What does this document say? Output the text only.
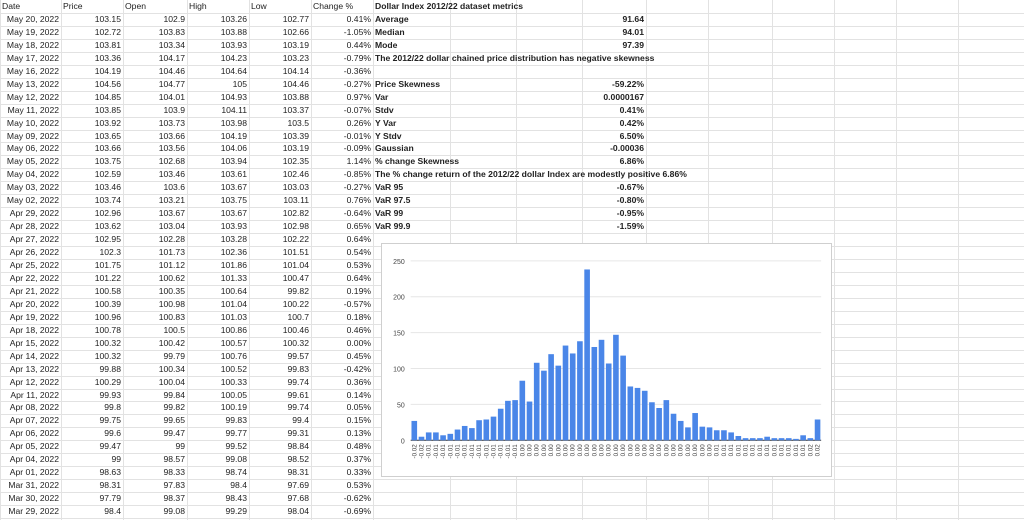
Date	Price	Open	High	Low	Change %
May 20, 2022	103.15	102.9	103.26	102.77	0.41%
May 19, 2022	102.72	103.83	103.88	102.66	-1.05%
May 18, 2022	103.81	103.34	103.93	103.19	0.44%
May 17, 2022	103.36	104.17	104.23	103.23	-0.79%
May 16, 2022	104.19	104.46	104.64	104.14	-0.36%
May 13, 2022	104.56	104.77	105	104.46	-0.27%
May 12, 2022	104.85	104.01	104.93	103.88	0.97%
May 11, 2022	103.85	103.9	104.11	103.37	-0.07%
May 10, 2022	103.92	103.73	103.98	103.5	0.26%
May 09, 2022	103.65	103.66	104.19	103.39	-0.01%
May 06, 2022	103.66	103.56	104.06	103.19	-0.09%
May 05, 2022	103.75	102.68	103.94	102.35	1.14%
May 04, 2022	102.59	103.46	103.61	102.46	-0.85%
May 03, 2022	103.46	103.6	103.67	103.03	-0.27%
May 02, 2022	103.74	103.21	103.75	103.11	0.76%
Apr 29, 2022	102.96	103.67	103.67	102.82	-0.64%
Apr 28, 2022	103.62	103.04	103.93	102.98	0.65%
Apr 27, 2022	102.95	102.28	103.28	102.22	0.64%
Apr 26, 2022	102.3	101.73	102.36	101.51	0.54%
Apr 25, 2022	101.75	101.12	101.86	101.04	0.53%
Apr 22, 2022	101.22	100.62	101.33	100.47	0.64%
Apr 21, 2022	100.58	100.35	100.64	99.82	0.19%
Apr 20, 2022	100.39	100.98	101.04	100.22	-0.57%
Apr 19, 2022	100.96	100.83	101.03	100.7	0.18%
Apr 18, 2022	100.78	100.5	100.86	100.46	0.46%
Apr 15, 2022	100.32	100.42	100.57	100.32	0.00%
Apr 14, 2022	100.32	99.79	100.76	99.57	0.45%
Apr 13, 2022	99.88	100.34	100.52	99.83	-0.42%
Apr 12, 2022	100.29	100.04	100.33	99.74	0.36%
Apr 11, 2022	99.93	99.84	100.05	99.61	0.14%
Apr 08, 2022	99.8	99.82	100.19	99.74	0.05%
Apr 07, 2022	99.75	99.65	99.83	99.4	0.15%
Apr 06, 2022	99.6	99.47	99.77	99.31	0.13%
Apr 05, 2022	99.47	99	99.52	98.84	0.48%
Apr 04, 2022	99	98.57	99.08	98.52	0.37%
Apr 01, 2022	98.63	98.33	98.74	98.31	0.33%
Mar 31, 2022	98.31	97.83	98.4	97.69	0.53%
Mar 30, 2022	97.79	98.37	98.43	97.68	-0.62%
Mar 29, 2022	98.4	99.08	99.29	98.04	-0.69%
Dollar Index 2012/22 dataset metrics
Average	91.64
Median	94.01
Mode	97.39
The 2012/22 dollar chained price distribution has negative skewness
Price Skewness	-59.22%
Var	0.0000167
Stdv	0.41%
Y Var	0.42%
Y Stdv	6.50%
Gaussian	-0.00036
% change Skewness	6.86%
The % change return of the 2012/22 dollar Index are modestly positive 6.86%
VaR 95	-0.67%
VaR 97.5	-0.80%
VaR 99	-0.95%
VaR 99.9	-1.59%
0
50
100
150
200
250
-0.02 -0.02 -0.01 -0.01 -0.01 -0.01 -0.01 -0.01 -0.01 -0.01 -0.01 -0.01 -0.01 -0.01 -0.01 0.00 0.00 0.00 0.00 0.00 0.00 0.00 0.00 0.00 0.00 0.00 0.00 0.00 0.00 0.00 0.00 0.00 0.00 0.00 0.00 0.00 0.00 0.00 0.00 0.00 0.00 0.00 0.01 0.01 0.01 0.01 0.01 0.01 0.01 0.01 0.01 0.01 0.01 0.01 0.01 0.02 0.02
